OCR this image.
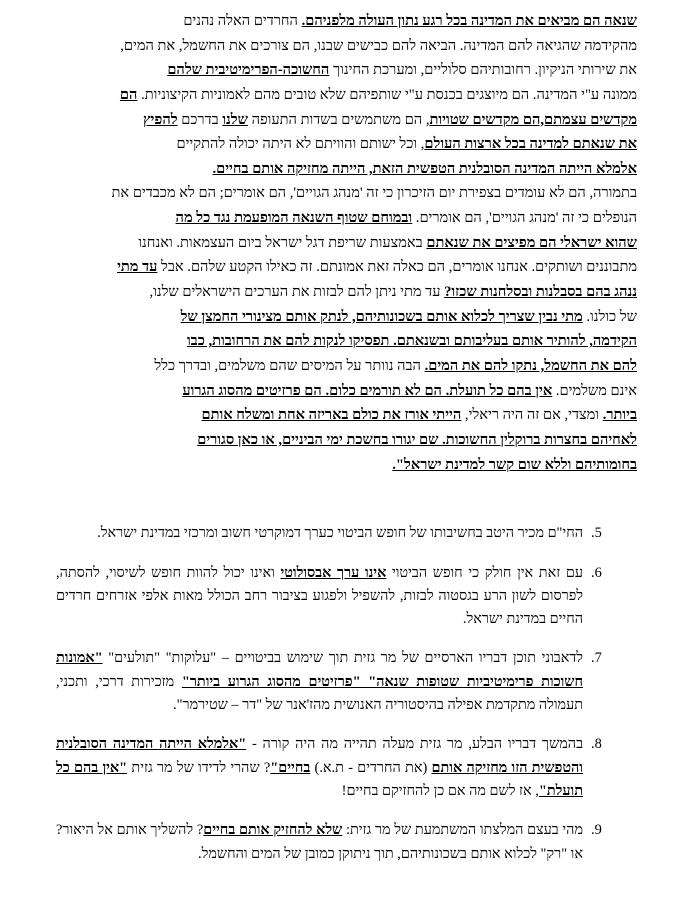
שנאה הם מביאים את המדינה בכל רגע נתון העולה מלפניהם. החרדים האלה נהנים

מהקידמה שהגיאה להם המדינה. הביאה להם כבישים שבנו, הם צורכים את החשמל, את המים,

את שירותי הניקיון. רחובותיהם סלוליים, ומערכת החינוך החשוכה-הפרימיטיבית שלהם

ממונה ע"י המדינה. הם מיוצגים בכנסת ע"י שותפיהם שלא טובים מהם לאמוניות הקיצוניות. הם

מקדשים עצמתם,הם מקדשים שטויות, הם משתמשים בשדות התעופה שלנו בדרכם להפיץ

את שנאתם למדינה בכל ארצות העולם, וכל ישותם והוויתם לא היתה יכולה להתקיים

אלמלא הייתה המדינה הסובלנית הטפשית הזאת, הייתה מחזיקה אותם בחיים.

בתמורה, הם לא עומדים בצפירת יום הזיכרון כי זה 'מנהג הגויים', הם אומרים; הם לא מכבדים את

הנופלים כי זה 'מנהג הגויים', הם אומרים. ובמוחם שטוף השנאה המופעמת נגד כל מה

שהוא ישראלי הם מפיצים את שנאתם באמצעות שריפת דגל ישראל ביום העצמאות. ואנחנו

מתבוננים ושותקים. אנחנו אומרים, הם כאלה זאת אמונתם. זה כאילו הקטע שלהם. אבל עד מתי

ננהג בהם בסבלנות ובסלחנות שכזו? עד מתי ניתן להם לבזות את הערכים הישראלים שלנו,

של כולנו. מתי נבין שצריך לכלוא אותם בשכונותיהם, לנתק אותם מצינורי החמצן של

הקידמה, להותיר אותם בעליבותם ובשנאתם. תפסיקו לנקות להם את הרחובות, כבו

להם את החשמל, נתקו להם את המים. הבה נוותר על המיסים שהם משלמים, ובדרך כלל

אינם משלמים. אין בהם כל תועלת. הם לא תורמים כלום. הם פרזיטים מהסוג הגרוע

ביותר. ומצדי, אם זה היה ריאלי, הייתי אורז את כולם באריזה אחת ומשלח אותם

לאחיהם בחצרות ברוקלין החשוכות. שם יגורו בחשכת ימי הביניים, או כאן סגורים

בחומותיהם וללא שום קשר למדינת ישראל".

5.
החי"ם מכיר היטב בחשיבותו של חופש הביטוי כערך דמוקרטי חשוב ומרכזי במדינת ישראל.
6.
עם זאת אין חולק כי חופש הביטוי אינו ערך אבסולוטי ואינו יכול להוות חופש לשיסוי, להסתה, לפרסום לשון הרע בגסטוה לבזות, להשפיל ולפגוע בציבור רחב הכולל מאות אלפי אזרחים חרדים החיים במדינת ישראל.
7.
לדאבוני תוכן דבריו הארסיים של מר גזית תוך שימוש בביטויים – "עלוקות" "תולעים" "אמונות חשוכות פרימיטיביות שטופות שנאה" "פרזיטים מהסוג הגרוע ביותר" מזכירות דרכי, ותכני, תעמולה מתקדמת אפילה בהיסטוריה האנושית מהז'אנר של "דר – שטירמר".
8.
בהמשך דבריו הבלע, מר גזית מעלה תהייה מה היה קורה - "אלמלא הייתה המדינה הסובלנית והטפשית הזו מחזיקה אותם (את החרדים - ת.א.) בחיים"? שהרי לדידו של מר גזית "אין בהם כל תועלת", אז לשם מה אם כן להחזיקם בחיים!
9.
מהי בעצם המלצתו המשתמעת של מר גזית: שלא להחזיק אותם בחיים? להשליך אותם אל היאור? או "רק" לכלוא אותם בשכונותיהם, תוך ניתוקן כמובן של המים והחשמל.
